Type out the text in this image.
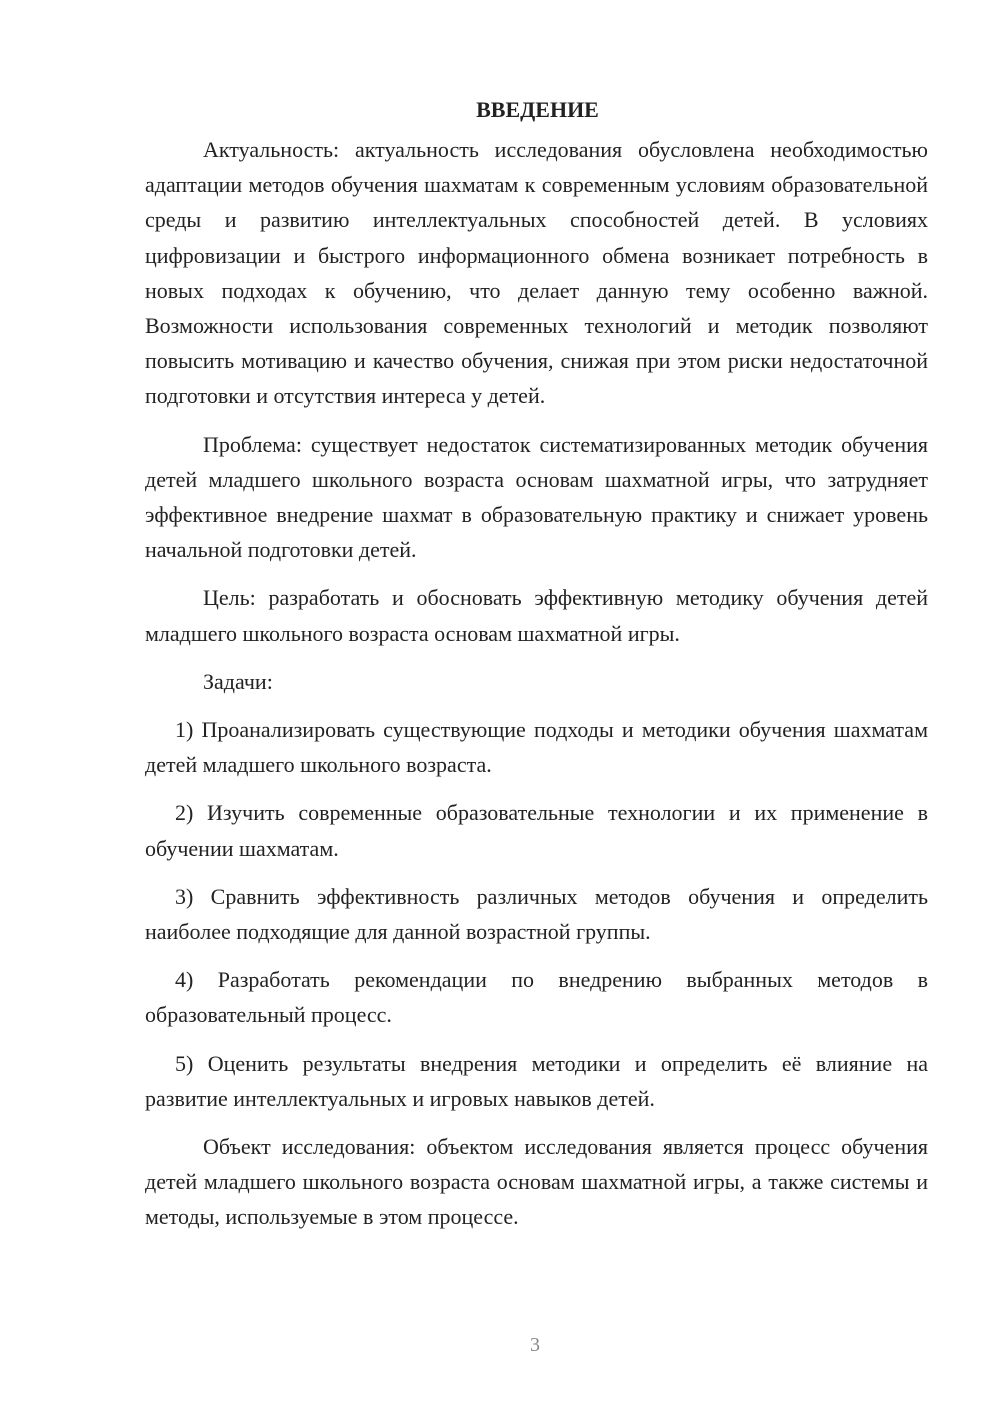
ВВЕДЕНИЕ

Актуальность: актуальность исследования обусловлена необходимостью адаптации методов обучения шахматам к современным условиям образовательной среды и развитию интеллектуальных способностей детей. В условиях цифровизации и быстрого информационного обмена возникает потребность в новых подходах к обучению, что делает данную тему особенно важной. Возможности использования современных технологий и методик позволяют повысить мотивацию и качество обучения, снижая при этом риски недостаточной подготовки и отсутствия интереса у детей.

Проблема: существует недостаток систематизированных методик обучения детей младшего школьного возраста основам шахматной игры, что затрудняет эффективное внедрение шахмат в образовательную практику и снижает уровень начальной подготовки детей.

Цель: разработать и обосновать эффективную методику обучения детей младшего школьного возраста основам шахматной игры.

Задачи:

1) Проанализировать существующие подходы и методики обучения шахматам детей младшего школьного возраста.

2) Изучить современные образовательные технологии и их применение в обучении шахматам.

3) Сравнить эффективность различных методов обучения и определить наиболее подходящие для данной возрастной группы.

4) Разработать рекомендации по внедрению выбранных методов в образовательный процесс.

5) Оценить результаты внедрения методики и определить её влияние на развитие интеллектуальных и игровых навыков детей.

Объект исследования: объектом исследования является процесс обучения детей младшего школьного возраста основам шахматной игры, а также системы и методы, используемые в этом процессе.

3
